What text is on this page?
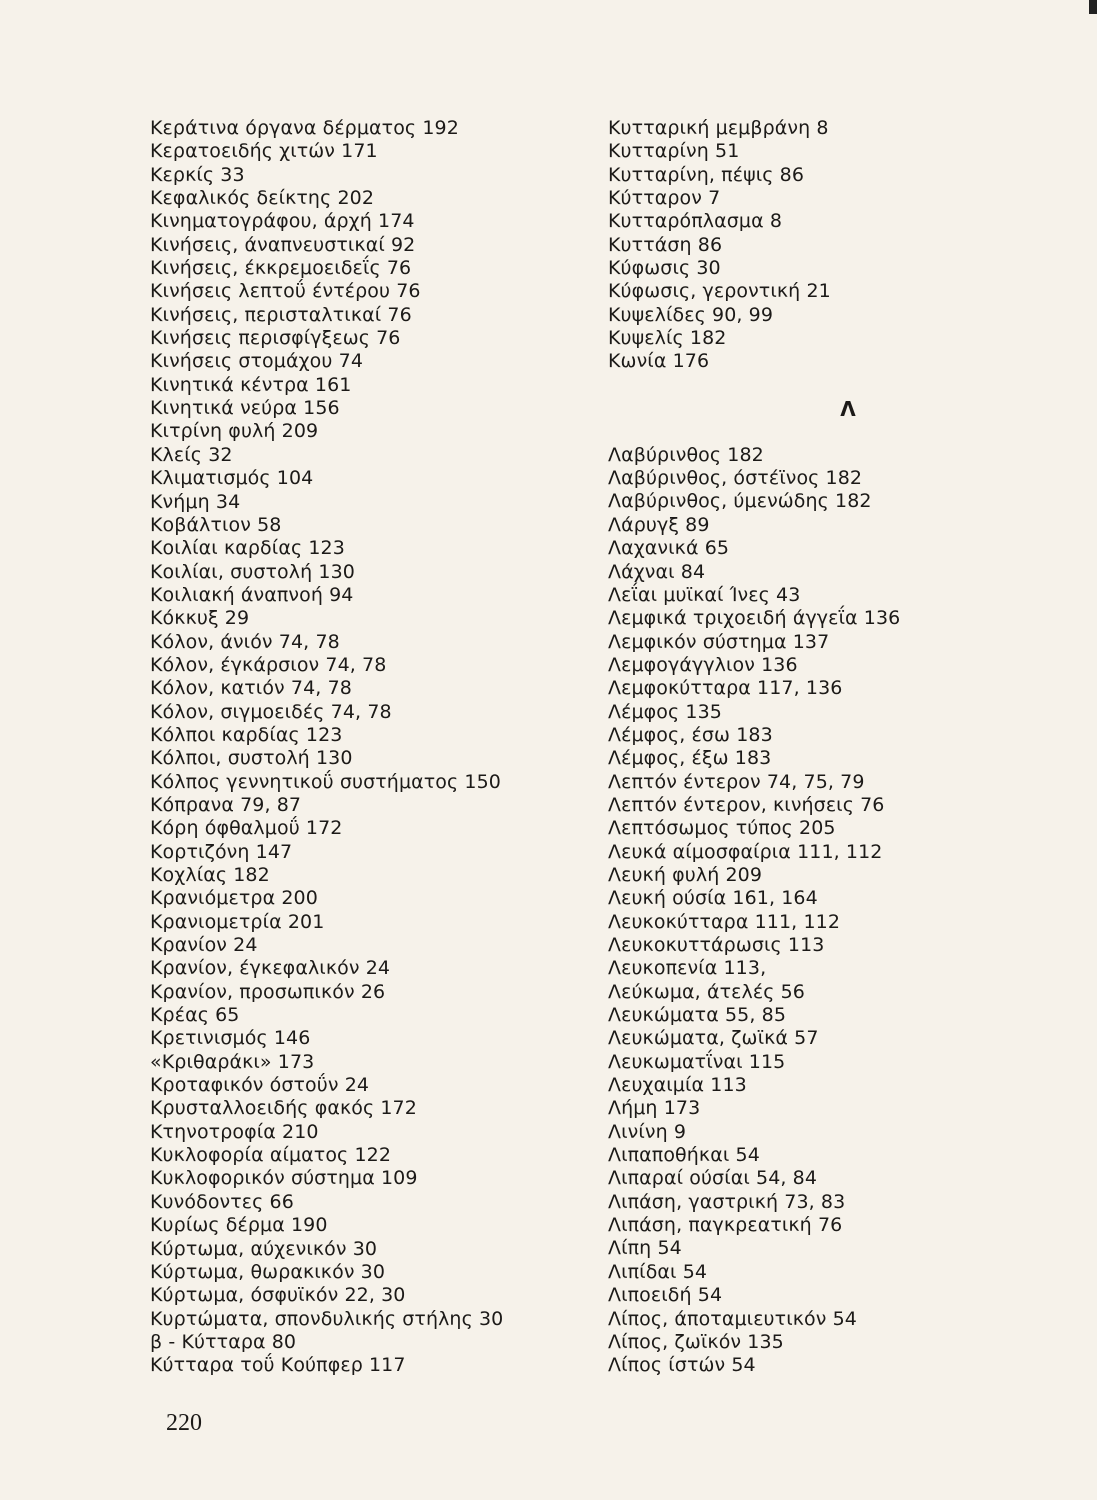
Κεράτινα όργανα δέρματος 192
Κερατοειδής χιτών 171
Κερκίς 33
Κεφαλικός δείκτης 202
Κινηματογράφου, άρχή 174
Κινήσεις, άναπνευστικαί 92
Κινήσεις, έκκρεμοειδεΐς 76
Κινήσεις λεπτοΰ έντέρου 76
Κινήσεις, περισταλτικαί 76
Κινήσεις περισφίγξεως 76
Κινήσεις στομάχου 74
Κινητικά κέντρα 161
Κινητικά νεύρα 156
Κιτρίνη φυλή 209
Κλείς 32
Κλιματισμός 104
Κνήμη 34
Κοβάλτιον 58
Κοιλίαι καρδίας 123
Κοιλίαι, συστολή 130
Κοιλιακή άναπνοή 94
Κόκκυξ 29
Κόλον, άνιόν 74, 78
Κόλον, έγκάρσιον 74, 78
Κόλον, κατιόν 74, 78
Κόλον, σιγμοειδές 74, 78
Κόλποι καρδίας 123
Κόλποι, συστολή 130
Κόλπος γεννητικοΰ συστήματος 150
Κόπρανα 79, 87
Κόρη όφθαλμοΰ 172
Κορτιζόνη 147
Κοχλίας 182
Κρανιόμετρα 200
Κρανιομετρία 201
Κρανίον 24
Κρανίον, έγκεφαλικόν 24
Κρανίον, προσωπικόν 26
Κρέας 65
Κρετινισμός 146
«Κριθαράκι» 173
Κροταφικόν όστοΰν 24
Κρυσταλλοειδής φακός 172
Κτηνοτροφία 210
Κυκλοφορία αίματος 122
Κυκλοφορικόν σύστημα 109
Κυνόδοντες 66
Κυρίως δέρμα 190
Κύρτωμα, αύχενικόν 30
Κύρτωμα, θωρακικόν 30
Κύρτωμα, όσφυϊκόν 22, 30
Κυρτώματα, σπονδυλικής στήλης 30
β - Κύτταρα 80
Κύτταρα τοΰ Κούπφερ 117
Κυτταρική μεμβράνη 8
Κυτταρίνη 51
Κυτταρίνη, πέψις 86
Κύτταρον 7
Κυτταρόπλασμα 8
Κυττάση 86
Κύφωσις 30
Κύφωσις, γεροντική 21
Κυψελίδες 90, 99
Κυψελίς 182
Κωνία 176
Λ
Λαβύρινθος 182
Λαβύρινθος, όστέϊνος 182
Λαβύρινθος, ύμενώδης 182
Λάρυγξ 89
Λαχανικά 65
Λάχναι 84
Λεΐαι μυϊκαί Ίνες 43
Λεμφικά τριχοειδή άγγεΐα 136
Λεμφικόν σύστημα 137
Λεμφογάγγλιον 136
Λεμφοκύτταρα 117, 136
Λέμφος 135
Λέμφος, έσω 183
Λέμφος, έξω 183
Λεπτόν έντερον 74, 75, 79
Λεπτόν έντερον, κινήσεις 76
Λεπτόσωμος τύπος 205
Λευκά αίμοσφαίρια 111, 112
Λευκή φυλή 209
Λευκή ούσία 161, 164
Λευκοκύτταρα 111, 112
Λευκοκυττάρωσις 113
Λευκοπενία 113,
Λεύκωμα, άτελές 56
Λευκώματα 55, 85
Λευκώματα, ζωϊκά 57
Λευκωματΐναι 115
Λευχαιμία 113
Λήμη 173
Λινίνη 9
Λιπαποθήκαι 54
Λιπαραί ούσίαι 54, 84
Λιπάση, γαστρική 73, 83
Λιπάση, παγκρεατική 76
Λίπη 54
Λιπίδαι 54
Λιποειδή 54
Λίπος, άποταμιευτικόν 54
Λίπος, ζωϊκόν 135
Λίπος ίστών 54
220
